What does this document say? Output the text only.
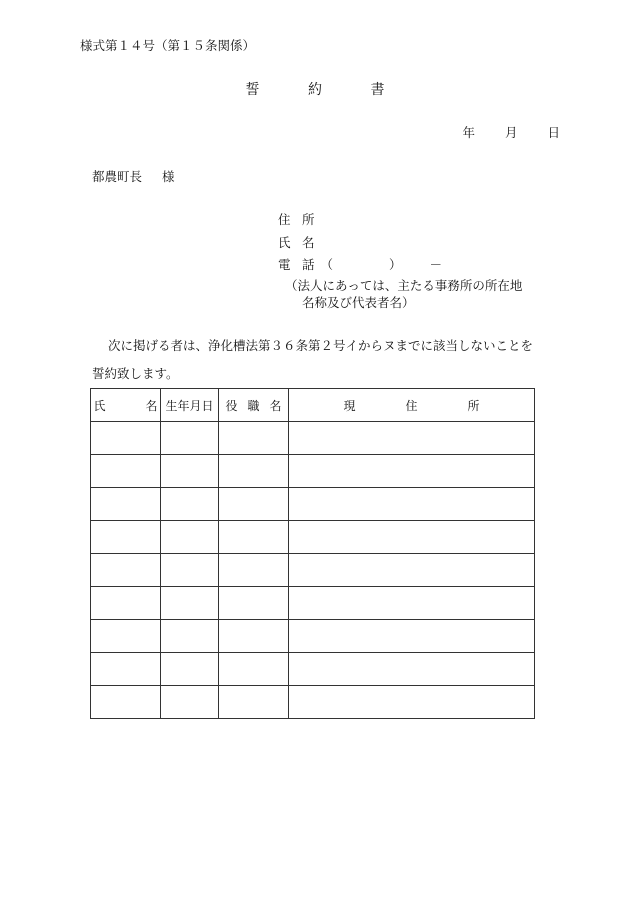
様式第１４号（第１５条関係）
誓	約	書
年 月 日
都農町長 様
住 所
氏 名
電 話 （	） －
（法人にあっては、主たる事務所の所在地
名称及び代表者名）
次に掲げる者は、浄化槽法第３６条第２号イからヌまでに該当しないことを
誓約致します。
氏 名	生年月日	役 職 名	現 住 所
